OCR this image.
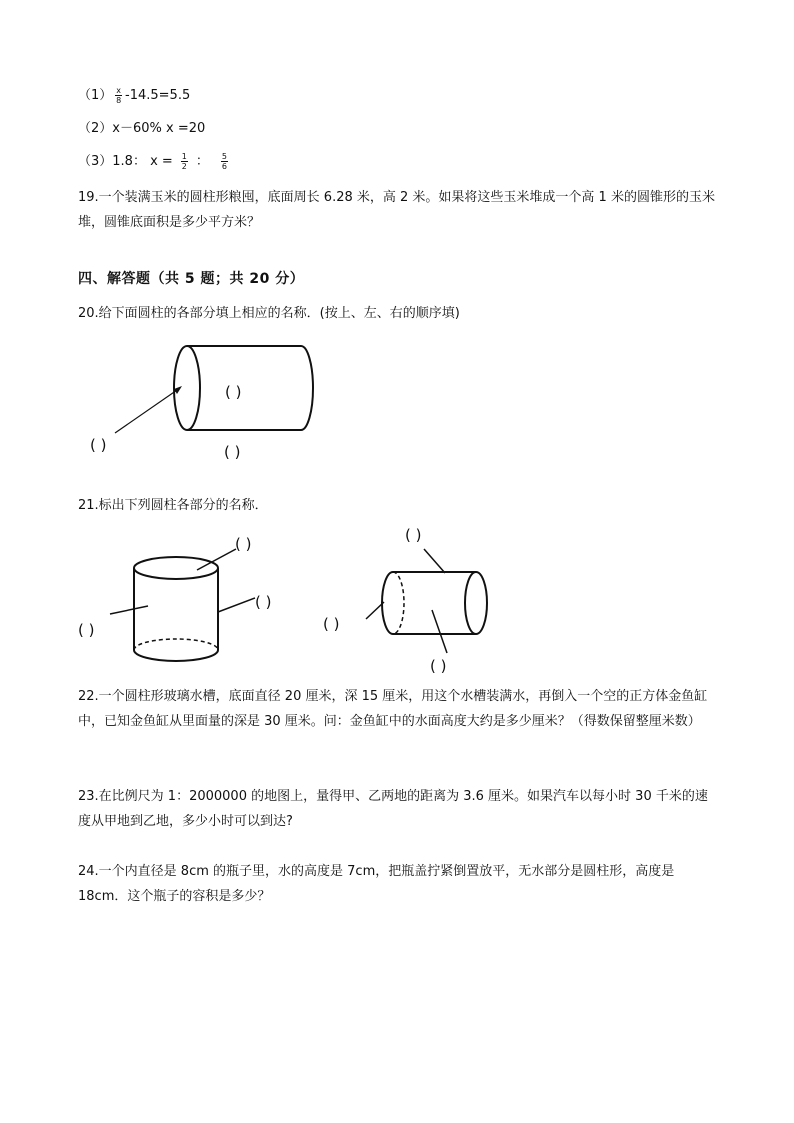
$(1) \frac{x}{8} -14.5=5.5$
（2）x－60% x =20
（3）1.8： $x = \frac{1}{2}$ ： $\frac{5}{6}$
19.一个装满玉米的圆柱形粮囤，底面周长 6.28 米，高 2 米。如果将这些玉米堆成一个高 1 米的圆锥形的玉米堆，圆锥底面积是多少平方米？
四、解答题（共 5 题；共 20 分）
20.给下面圆柱的各部分填上相应的名称．(按上、左、右的顺序填)
21.标出下列圆柱各部分的名称．
22.一个圆柱形玻璃水槽，底面直径 20 厘米，深 15 厘米，用这个水槽装满水，再倒入一个空的正方体金鱼缸中，已知金鱼缸从里面量的深是 30 厘米。问：金鱼缸中的水面高度大约是多少厘米？（得数保留整厘米数）
23.在比例尺为 1：2000000 的地图上，量得甲、乙两地的距离为 3.6 厘米。如果汽车以每小时 30 千米的速度从甲地到乙地，多少小时可以到达?
24.一个内直径是 8cm 的瓶子里，水的高度是 7cm，把瓶盖拧紧倒置放平，无水部分是圆柱形，高度是 18cm．这个瓶子的容积是多少？
( )
( )	( )
( )
( )
( )
( )
( )
( )
